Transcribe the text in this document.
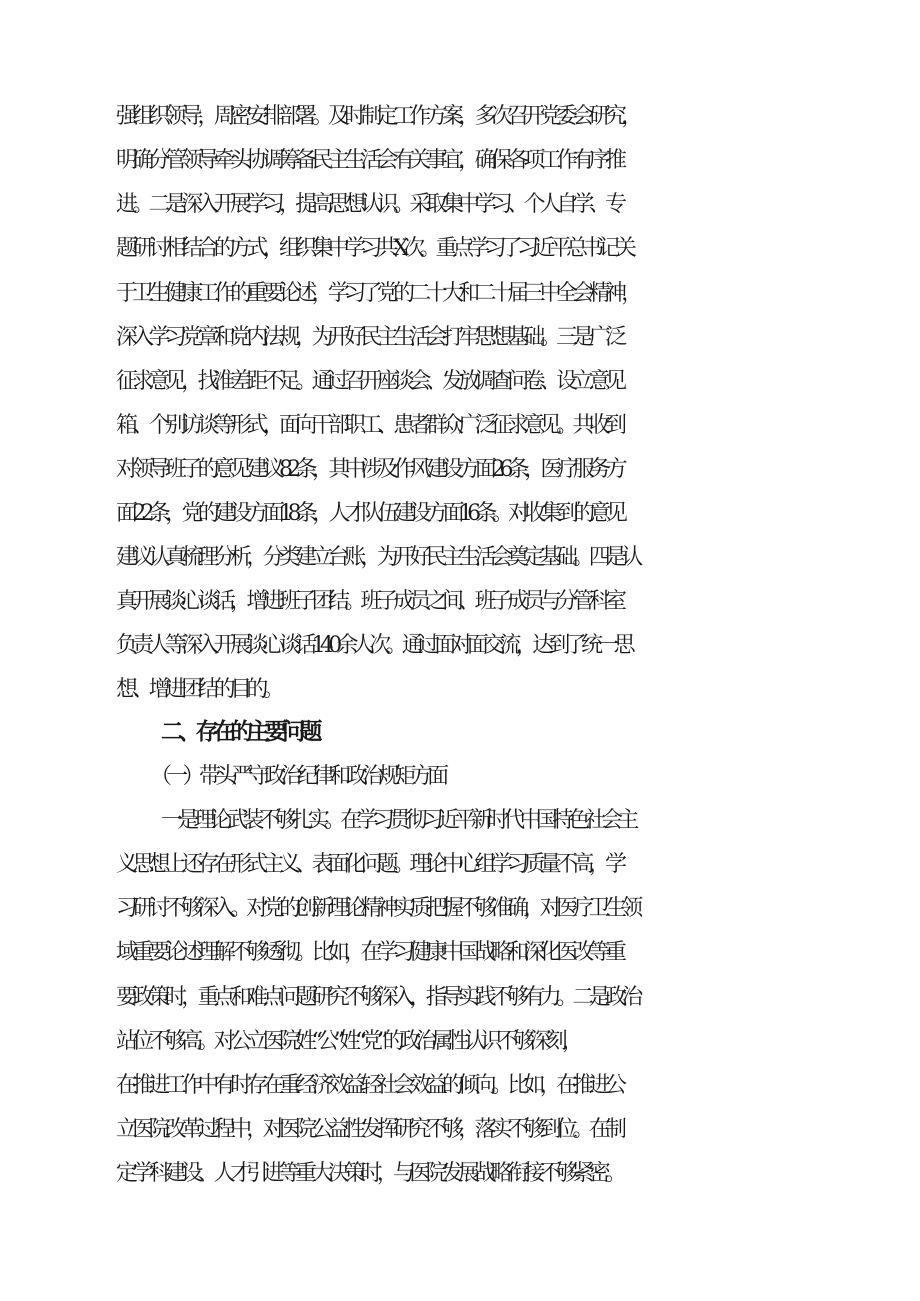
强组织领导，周密安排部署。及时制定工作方案，多次召开党委会研究，
明确分管领导牵头协调筹备民主生活会有关事宜，确保各项工作有序推
进。二是深入开展学习，提高思想认识。采取集中学习、个人自学、专
题研讨相结合的方式，组织集中学习共X次。重点学习了习近平总书记关
于卫生健康工作的重要论述，学习了党的二十大和二十届三中全会精神，
深入学习党章和党内法规，为开好民主生活会打牢思想基础。三是广泛
征求意见，找准差距不足。通过召开座谈会、发放调查问卷、设立意见
箱、个别访谈等形式，面向干部职工、患者群众广泛征求意见。共收到
对领导班子的意见建议82条，其中涉及作风建设方面26条，医疗服务方
面22条，党的建设方面18条，人才队伍建设方面16条。对收集到的意见
建议认真梳理分析，分类建立台账，为开好民主生活会奠定基础。四是认
真开展谈心谈话，增进班子团结。班子成员之间、班子成员与分管科室
负责人等深入开展谈心谈话140余人次。通过面对面交流，达到了统一思
想、增进团结的目的。
二、存在的主要问题
（一）带头严守政治纪律和政治规矩方面
一是理论武装不够扎实。在学习贯彻习近平新时代中国特色社会主
义思想上还存在形式主义、表面化问题。理论中心组学习质量不高，学
习研讨不够深入。对党的创新理论精神实质把握不够准确，对医疗卫生领
域重要论述理解不够透彻。比如，在学习健康中国战略和深化医改等重
要政策时，重点和难点问题研究不够深入，指导实践不够有力。二是政治
站位不够高。对公立医院姓“公”姓“党”的政治属性认识不够深刻，
在推进工作中有时存在重经济效益轻社会效益的倾向。比如，在推进公
立医院改革过程中，对医院公益性发挥研究不够，落实不够到位。在制
定学科建设、人才引进等重大决策时，与医院发展战略衔接不够紧密。
